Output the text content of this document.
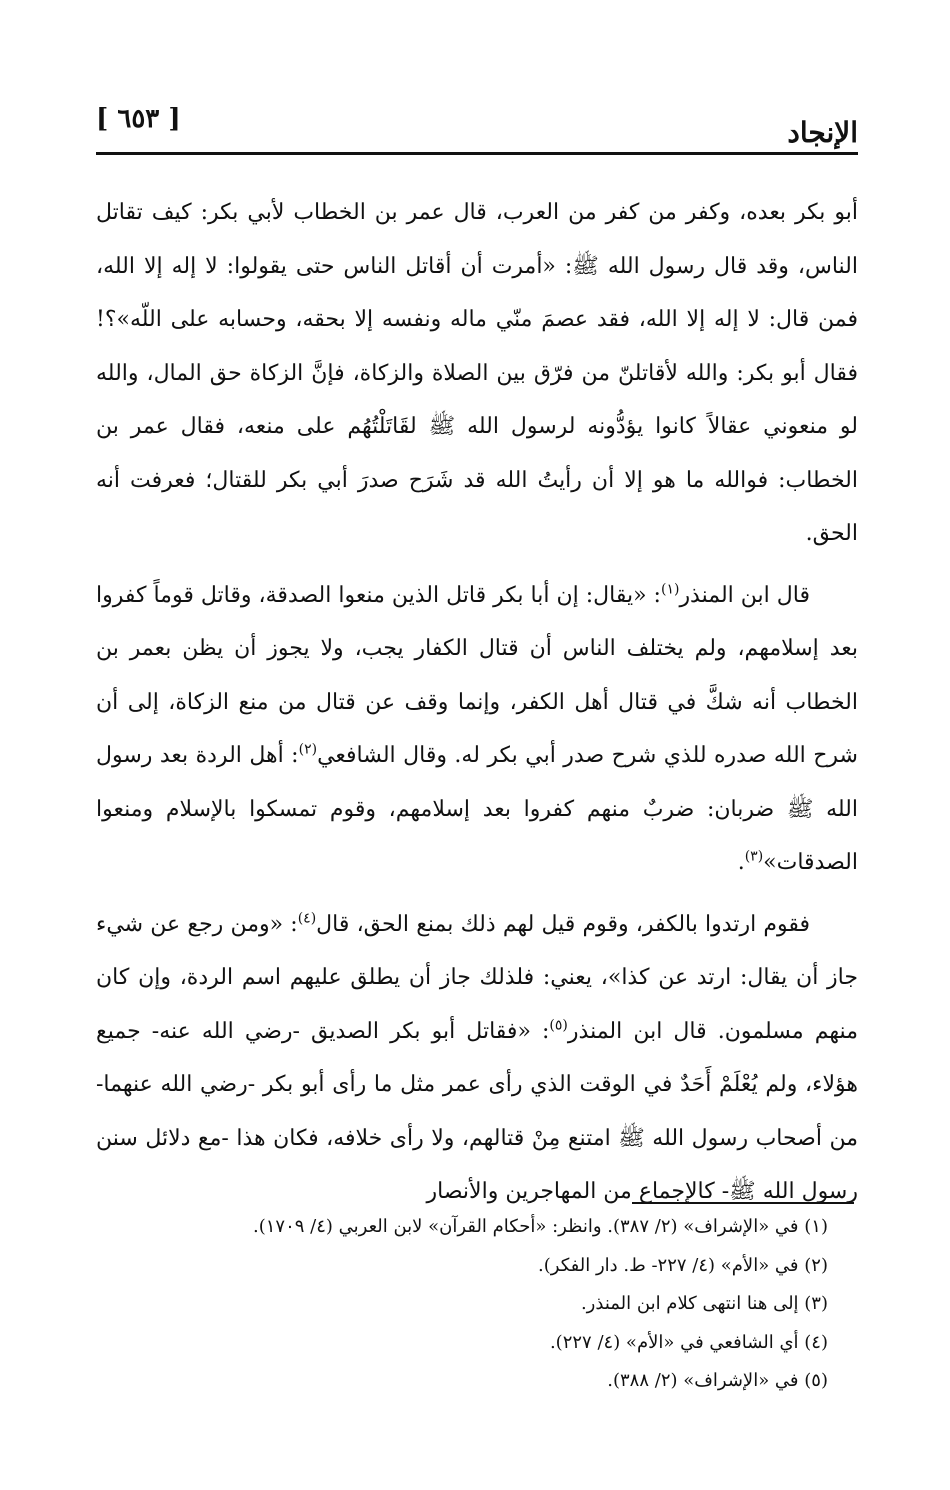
الإنجاد
[ ٦٥٣ ]

أبو بكر بعده، وكفر من كفر من العرب، قال عمر بن الخطاب لأبي بكر: كيف تقاتل الناس، وقد قال رسول الله ﷺ: «أمرت أن أقاتل الناس حتى يقولوا: لا إله إلا الله، فمن قال: لا إله إلا الله، فقد عصمَ منّي ماله ونفسه إلا بحقه، وحسابه على اللّه»؟! فقال أبو بكر: والله لأقاتلنّ من فرّق بين الصلاة والزكاة، فإنَّ الزكاة حق المال، والله لو منعوني عقالاً كانوا يؤدُّونه لرسول الله ﷺ لقَاتَلْتُهُم على منعه، فقال عمر بن الخطاب: فوالله ما هو إلا أن رأيتُ الله قد شَرَح صدرَ أبي بكر للقتال؛ فعرفت أنه الحق.

قال ابن المنذر$^{(١)}$: «يقال: إن أبا بكر قاتل الذين منعوا الصدقة، وقاتل قوماً كفروا بعد إسلامهم، ولم يختلف الناس أن قتال الكفار يجب، ولا يجوز أن يظن بعمر بن الخطاب أنه شكَّ في قتال أهل الكفر، وإنما وقف عن قتال من منع الزكاة، إلى أن شرح الله صدره للذي شرح صدر أبي بكر له. وقال الشافعي$^{(٢)}$: أهل الردة بعد رسول الله ﷺ ضربان: ضربٌ منهم كفروا بعد إسلامهم، وقوم تمسكوا بالإسلام ومنعوا الصدقات»$^{(٣)}$.

فقوم ارتدوا بالكفر، وقوم قيل لهم ذلك بمنع الحق، قال$^{(٤)}$: «ومن رجع عن شيء جاز أن يقال: ارتد عن كذا»، يعني: فلذلك جاز أن يطلق عليهم اسم الردة، وإن كان منهم مسلمون. قال ابن المنذر$^{(٥)}$: «فقاتل أبو بكر الصديق -رضي الله عنه- جميع هؤلاء، ولم يُعْلَمْ أَحَدٌ في الوقت الذي رأى عمر مثل ما رأى أبو بكر -رضي الله عنهما- من أصحاب رسول الله ﷺ امتنع مِنْ قتالهم، ولا رأى خلافه، فكان هذا -مع دلائل سنن رسول الله ﷺ- كالإجماع من المهاجرين والأنصار

(١) في «الإشراف» (٢/ ٣٨٧). وانظر: «أحكام القرآن» لابن العربي (٤/ ١٧٠٩).
(٢) في «الأم» (٤/ ٢٢٧- ط. دار الفكر).
(٣) إلى هنا انتهى كلام ابن المنذر.
(٤) أي الشافعي في «الأم» (٤/ ٢٢٧).
(٥) في «الإشراف» (٢/ ٣٨٨).
